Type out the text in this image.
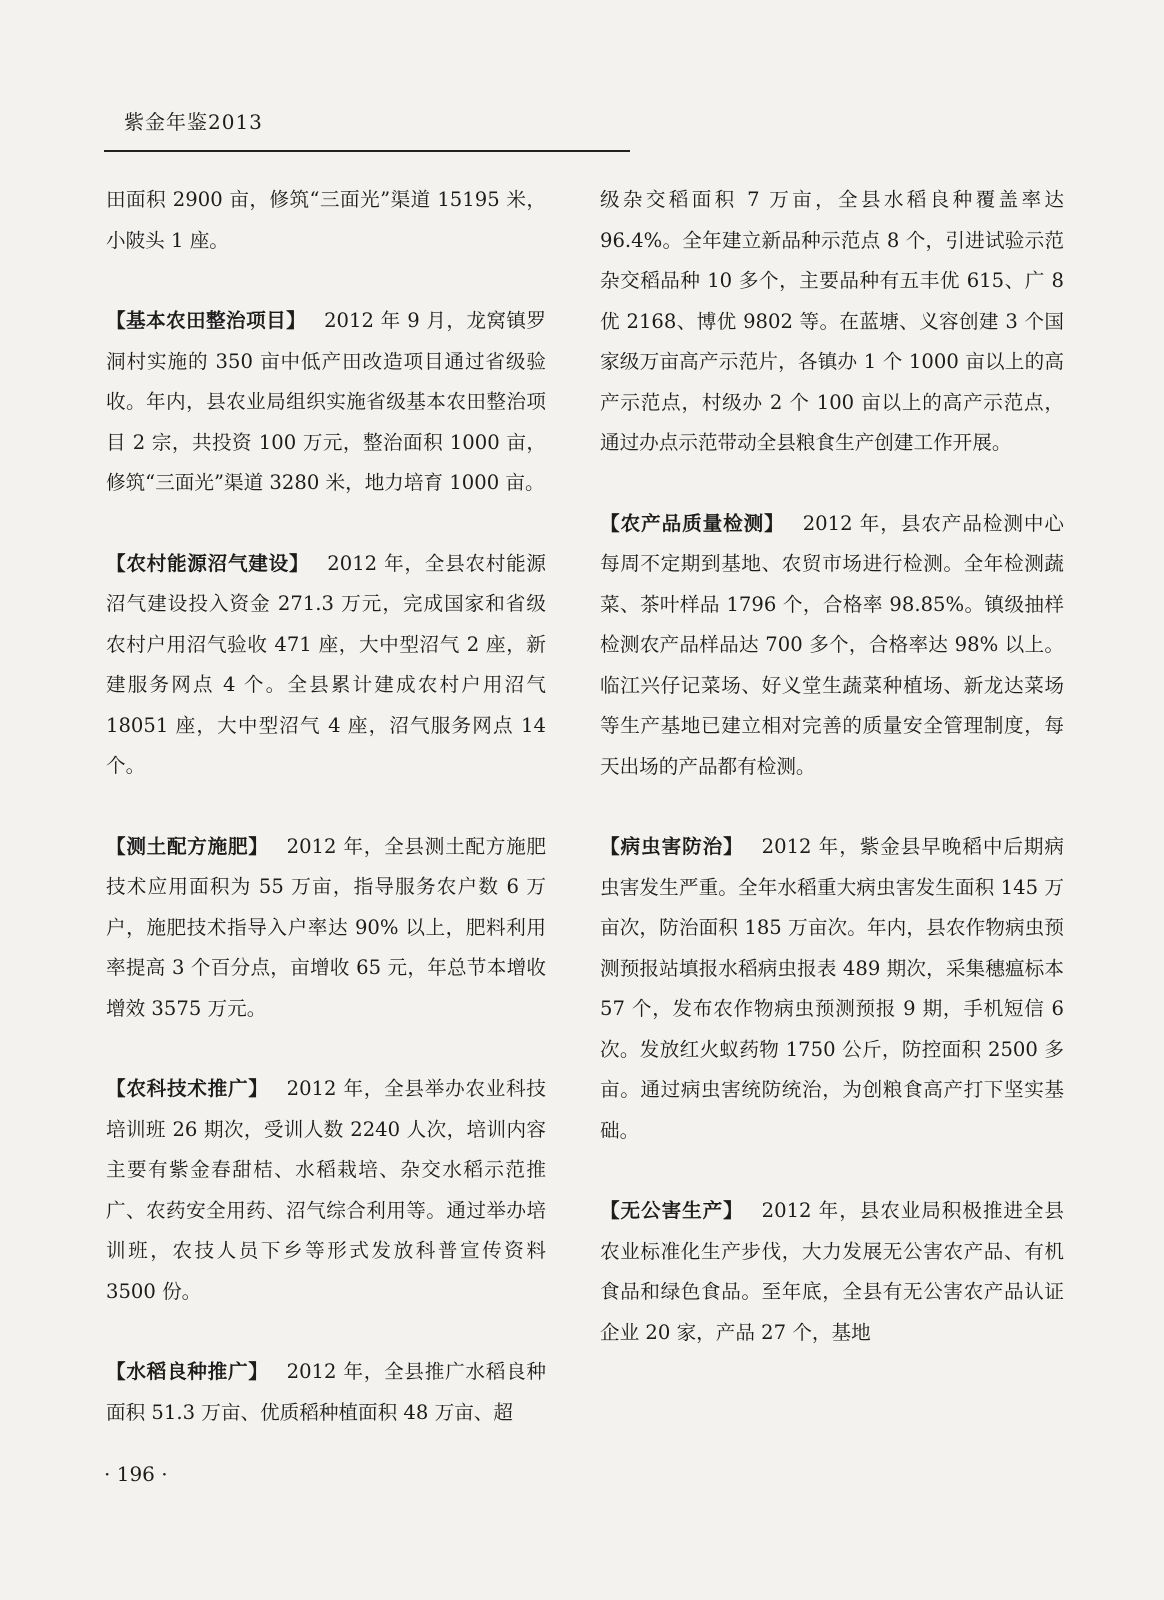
紫金年鉴2013

田面积 2900 亩，修筑“三面光”渠道 15195 米，小陂头 1 座。

【基本农田整治项目】 2012 年 9 月，龙窝镇罗洞村实施的 350 亩中低产田改造项目通过省级验收。年内，县农业局组织实施省级基本农田整治项目 2 宗，共投资 100 万元，整治面积 1000 亩，修筑“三面光”渠道 3280 米，地力培育 1000 亩。

【农村能源沼气建设】 2012 年，全县农村能源沼气建设投入资金 271.3 万元，完成国家和省级农村户用沼气验收 471 座，大中型沼气 2 座，新建服务网点 4 个。全县累计建成农村户用沼气 18051 座，大中型沼气 4 座，沼气服务网点 14 个。

【测土配方施肥】 2012 年，全县测土配方施肥技术应用面积为 55 万亩，指导服务农户数 6 万户，施肥技术指导入户率达 90% 以上，肥料利用率提高 3 个百分点，亩增收 65 元，年总节本增收增效 3575 万元。

【农科技术推广】 2012 年，全县举办农业科技培训班 26 期次，受训人数 2240 人次，培训内容主要有紫金春甜桔、水稻栽培、杂交水稻示范推广、农药安全用药、沼气综合利用等。通过举办培训班，农技人员下乡等形式发放科普宣传资料 3500 份。

【水稻良种推广】 2012 年，全县推广水稻良种面积 51.3 万亩、优质稻种植面积 48 万亩、超

级杂交稻面积 7 万亩，全县水稻良种覆盖率达 96.4%。全年建立新品种示范点 8 个，引进试验示范杂交稻品种 10 多个，主要品种有五丰优 615、广 8 优 2168、博优 9802 等。在蓝塘、义容创建 3 个国家级万亩高产示范片，各镇办 1 个 1000 亩以上的高产示范点，村级办 2 个 100 亩以上的高产示范点，通过办点示范带动全县粮食生产创建工作开展。

【农产品质量检测】 2012 年，县农产品检测中心每周不定期到基地、农贸市场进行检测。全年检测蔬菜、茶叶样品 1796 个，合格率 98.85%。镇级抽样检测农产品样品达 700 多个，合格率达 98% 以上。临江兴仔记菜场、好义堂生蔬菜种植场、新龙达菜场等生产基地已建立相对完善的质量安全管理制度，每天出场的产品都有检测。

【病虫害防治】 2012 年，紫金县早晚稻中后期病虫害发生严重。全年水稻重大病虫害发生面积 145 万亩次，防治面积 185 万亩次。年内，县农作物病虫预测预报站填报水稻病虫报表 489 期次，采集穗瘟标本 57 个，发布农作物病虫预测预报 9 期，手机短信 6 次。发放红火蚁药物 1750 公斤，防控面积 2500 多亩。通过病虫害统防统治，为创粮食高产打下坚实基础。

【无公害生产】 2012 年，县农业局积极推进全县农业标准化生产步伐，大力发展无公害农产品、有机食品和绿色食品。至年底，全县有无公害农产品认证企业 20 家，产品 27 个，基地

· 196 ·
